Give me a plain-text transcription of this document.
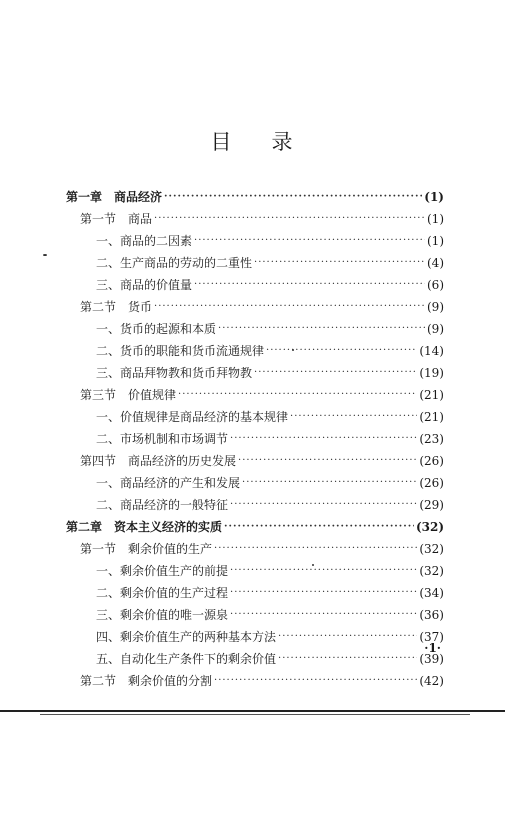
目 录
第一章　商品经济 ·····	(1)
第一节　商品 ·····	(1)
一、商品的二因素 ·····	(1)
二、生产商品的劳动的二重性 ·····	(4)
三、商品的价值量 ·····	(6)
第二节　货币 ·····	(9)
一、货币的起源和本质 ·····	(9)
二、货币的职能和货币流通规律 ·····	(14)
三、商品拜物教和货币拜物教 ·····	(19)
第三节　价值规律 ·····	(21)
一、价值规律是商品经济的基本规律 ·····	(21)
二、市场机制和市场调节 ·····	(23)
第四节　商品经济的历史发展 ·····	(26)
一、商品经济的产生和发展 ·····	(26)
二、商品经济的一般特征 ·····	(29)
第二章　资本主义经济的实质 ·····	(32)
第一节　剩余价值的生产 ·····	(32)
一、剩余价值生产的前提 ·····	(32)
二、剩余价值的生产过程 ·····	(34)
三、剩余价值的唯一源泉 ·····	(36)
四、剩余价值生产的两种基本方法 ·····	(37)
五、自动化生产条件下的剩余价值 ·····	(39)
第二节　剩余价值的分割 ·····	(42)
·1·
